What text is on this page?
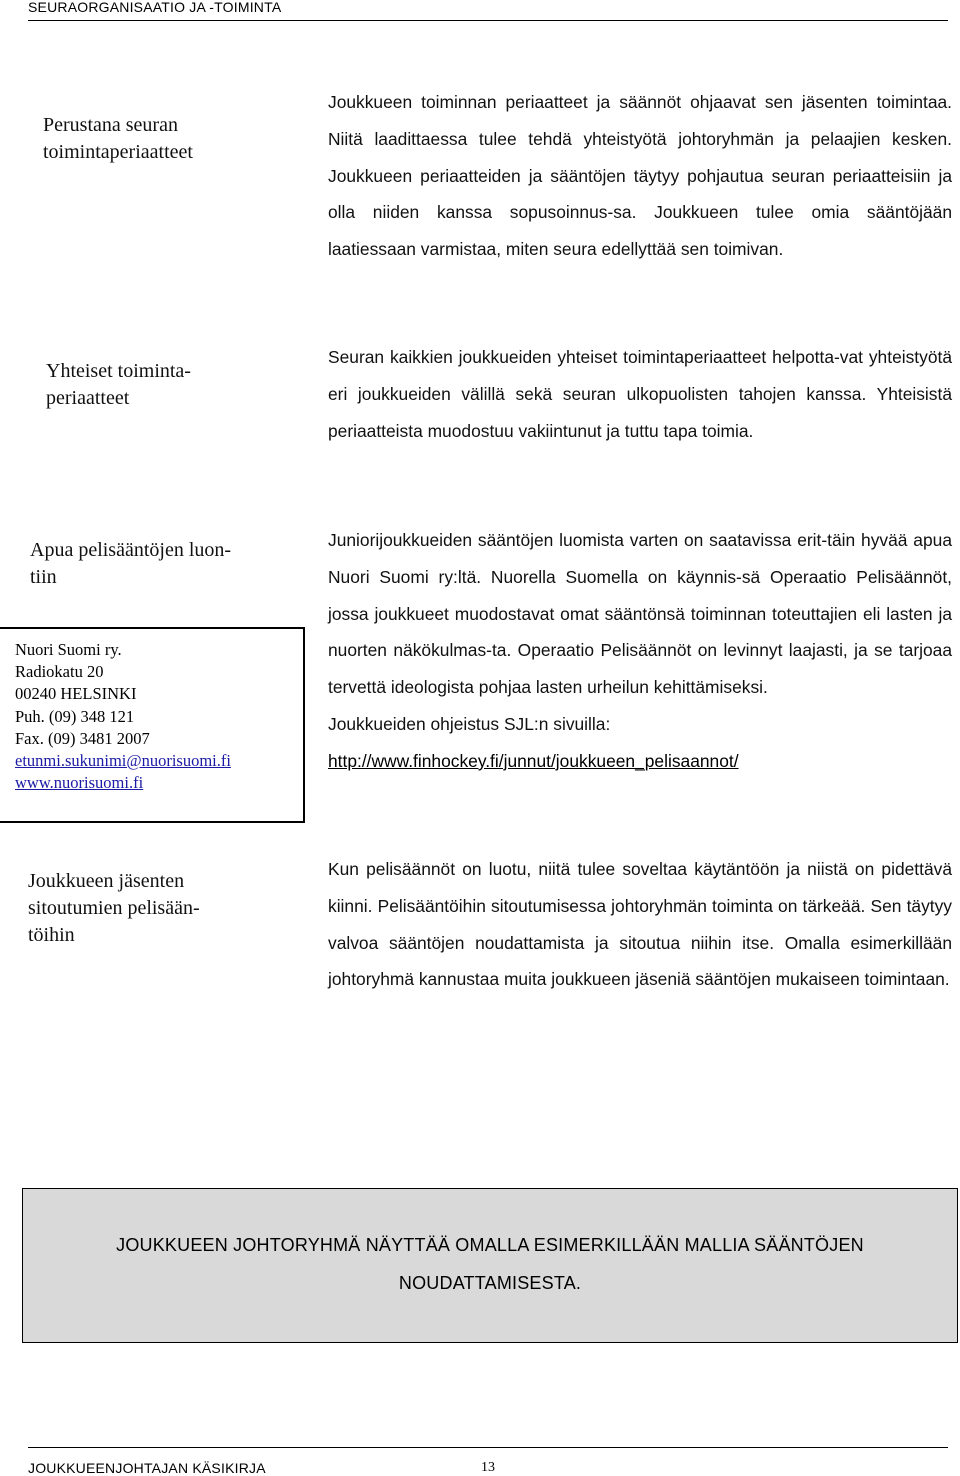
SEURAORGANISAATIO JA -TOIMINTA
Perustana seuran
toimintaperiaatteet
Joukkueen toiminnan periaatteet ja säännöt ohjaavat sen jäsenten toimintaa. Niitä laadittaessa tulee tehdä yhteistyötä johtoryhmän ja pelaajien kesken. Joukkueen periaatteiden ja sääntöjen täytyy pohjautua seuran periaatteisiin ja olla niiden kanssa sopusoinnus-sa. Joukkueen tulee omia sääntöjään laatiessaan varmistaa, miten seura edellyttää sen toimivan.
Yhteiset toiminta-
periaatteet
Seuran kaikkien joukkueiden yhteiset toimintaperiaatteet helpotta-vat yhteistyötä eri joukkueiden välillä sekä seuran ulkopuolisten tahojen kanssa. Yhteisistä periaatteista muodostuu vakiintunut ja tuttu tapa toimia.
Apua pelisääntöjen luon-
tiin
Juniorijoukkueiden sääntöjen luomista varten on saatavissa erit-täin hyvää apua Nuori Suomi ry:ltä. Nuorella Suomella on käynnis-sä Operaatio Pelisäännöt, jossa joukkueet muodostavat omat sääntönsä toiminnan toteuttajien eli lasten ja nuorten näkökulmas-ta. Operaatio Pelisäännöt on levinnyt laajasti, ja se tarjoaa tervettä ideologista pohjaa lasten urheilun kehittämiseksi.
Joukkueiden ohjeistus SJL:n sivuilla:
http://www.finhockey.fi/junnut/joukkueen_pelisaannot/
Nuori Suomi ry.
Radiokatu 20
00240 HELSINKI
Puh. (09) 348 121
Fax. (09) 3481 2007
etunmi.sukunimi@nuorisuomi.fi
www.nuorisuomi.fi
Joukkueen jäsenten
sitoutumien pelisään-
töihin
Kun pelisäännöt on luotu, niitä tulee soveltaa käytäntöön ja niistä on pidettävä kiinni. Pelisääntöihin sitoutumisessa johtoryhmän toiminta on tärkeää. Sen täytyy valvoa sääntöjen noudattamista ja sitoutua niihin itse. Omalla esimerkillään johtoryhmä kannustaa muita joukkueen jäseniä sääntöjen mukaiseen toimintaan.
JOUKKUEEN JOHTORYHMÄ NÄYTTÄÄ OMALLA ESIMERKILLÄÄN MALLIA SÄÄNTÖJEN
NOUDATTAMISESTA.
JOUKKUEENJOHTAJAN KÄSIKIRJA	13
